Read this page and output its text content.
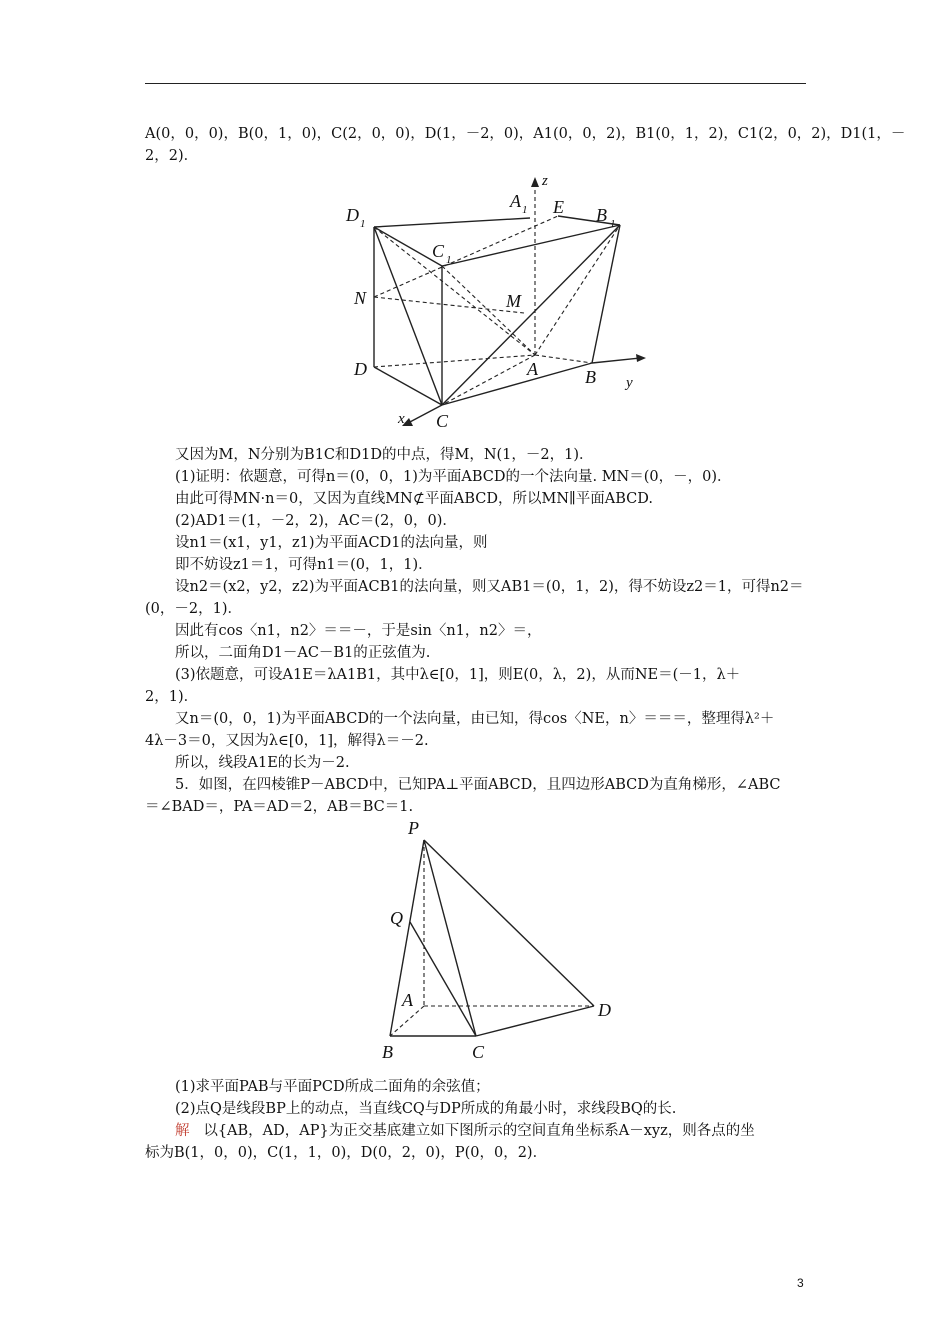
A(0，0，0)，B(0，1，0)，C(2，0，0)，D(1，－2，0)，A1(0，0，2)，B1(0，1，2)，C1(2，0，2)，D1(1，－
2，2)．
D 1
C 1
A 1 E
z
B 1
N	M
D	A	B y
x C
又因为M，N分别为B1C和D1D的中点，得M，N(1，－2，1)．
(1)证明：依题意，可得n＝(0，0，1)为平面ABCD的一个法向量. MN＝(0，－，0)．
由此可得MN·n＝0，又因为直线MN⊄平面ABCD，所以MN∥平面ABCD.
(2)AD1＝(1，－2，2)，AC＝(2，0，0)．
设n1＝(x1，y1，z1)为平面ACD1的法向量，则
即不妨设z1＝1，可得n1＝(0，1，1)．
设n2＝(x2，y2，z2)为平面ACB1的法向量，则又AB1＝(0，1，2)，得不妨设z2＝1，可得n2＝
(0，－2，1)．
因此有cos〈n1，n2〉＝＝－，于是sin〈n1，n2〉＝，
所以，二面角D1－AC－B1的正弦值为.
(3)依题意，可设A1E＝λA1B1，其中λ∈[0，1]，则E(0，λ，2)，从而NE＝(－1，λ＋
2，1)．
又n＝(0，0，1)为平面ABCD的一个法向量，由已知，得cos〈NE，n〉＝＝＝，整理得λ²＋
4λ－3＝0，又因为λ∈[0，1]，解得λ＝－2.
所以，线段A1E的长为－2.
5．如图，在四棱锥P－ABCD中，已知PA⊥平面ABCD，且四边形ABCD为直角梯形，∠ABC
＝∠BAD＝，PA＝AD＝2，AB＝BC＝1.
P
Q
A	D
B	C
(1)求平面PAB与平面PCD所成二面角的余弦值；
(2)点Q是线段BP上的动点，当直线CQ与DP所成的角最小时，求线段BQ的长.
解 以{AB，AD，AP}为正交基底建立如下图所示的空间直角坐标系A－xyz，则各点的坐
标为B(1，0，0)，C(1，1，0)，D(0，2，0)，P(0，0，2)．
3
